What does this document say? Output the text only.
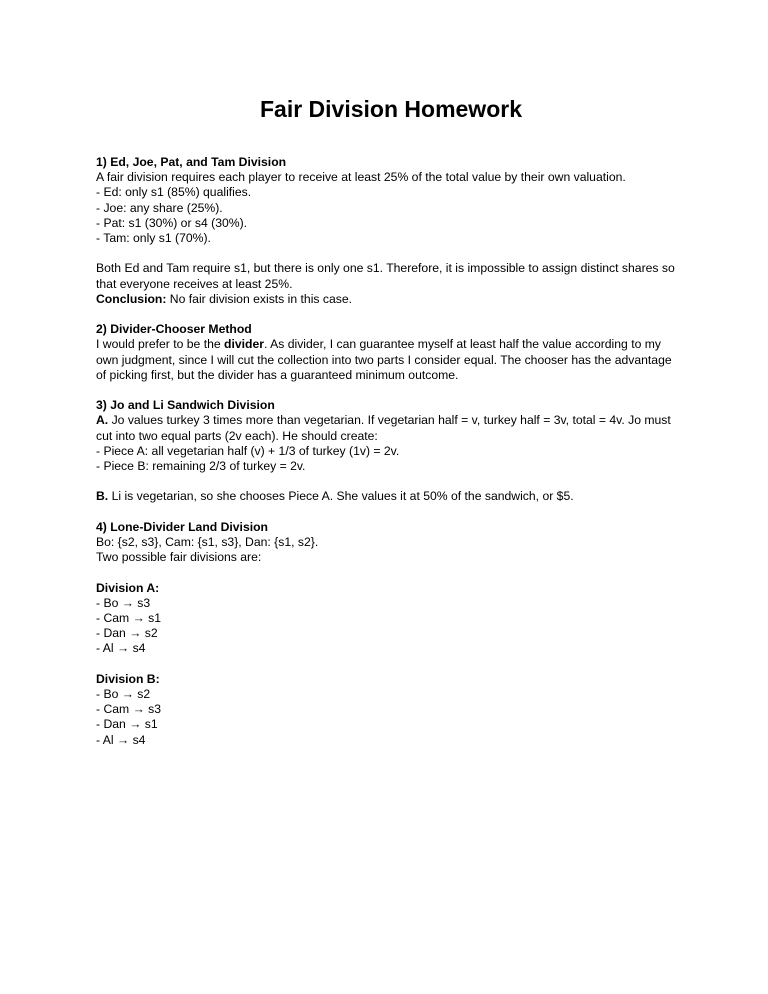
Fair Division Homework
1) Ed, Joe, Pat, and Tam Division
A fair division requires each player to receive at least 25% of the total value by their own valuation.
- Ed: only s1 (85%) qualifies.
- Joe: any share (25%).
- Pat: s1 (30%) or s4 (30%).
- Tam: only s1 (70%).
Both Ed and Tam require s1, but there is only one s1. Therefore, it is impossible to assign distinct shares so that everyone receives at least 25%.
Conclusion: No fair division exists in this case.
2) Divider-Chooser Method
I would prefer to be the divider. As divider, I can guarantee myself at least half the value according to my own judgment, since I will cut the collection into two parts I consider equal. The chooser has the advantage of picking first, but the divider has a guaranteed minimum outcome.
3) Jo and Li Sandwich Division
A. Jo values turkey 3 times more than vegetarian. If vegetarian half = v, turkey half = 3v, total = 4v. Jo must cut into two equal parts (2v each). He should create:
- Piece A: all vegetarian half (v) + 1/3 of turkey (1v) = 2v.
- Piece B: remaining 2/3 of turkey = 2v.
B. Li is vegetarian, so she chooses Piece A. She values it at 50% of the sandwich, or $5.
4) Lone-Divider Land Division
Bo: {s2, s3}, Cam: {s1, s3}, Dan: {s1, s2}.
Two possible fair divisions are:
Division A:
- Bo → s3
- Cam → s1
- Dan → s2
- Al → s4
Division B:
- Bo → s2
- Cam → s3
- Dan → s1
- Al → s4
